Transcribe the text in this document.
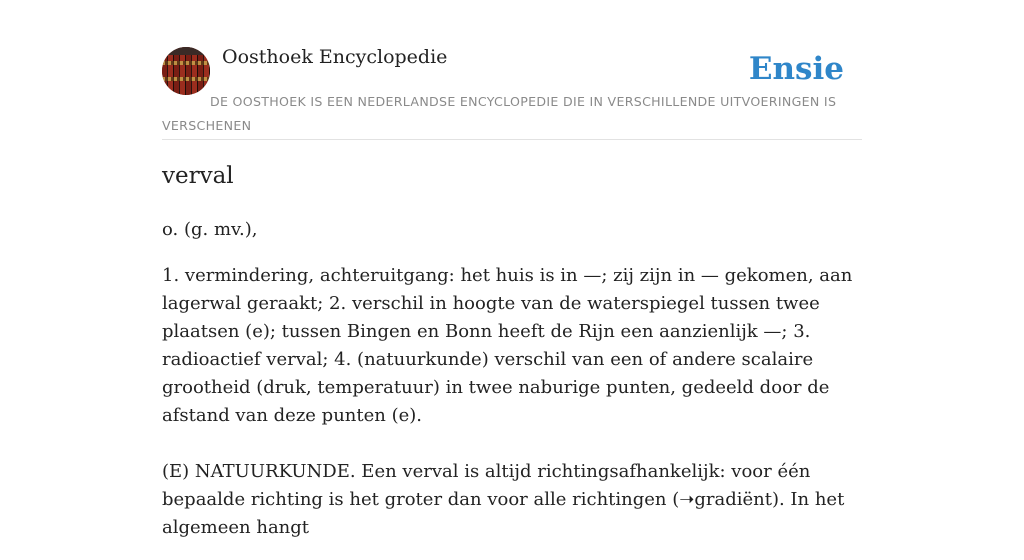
Oosthoek Encyclopedie	Ensie
DE OOSTHOEK IS EEN NEDERLANDSE ENCYCLOPEDIE DIE IN VERSCHILLENDE UITVOERINGEN IS VERSCHENEN
verval

o. (g. mv.),

1. vermindering, achteruitgang: het huis is in —; zij zijn in — gekomen, aan lagerwal geraakt; 2. verschil in hoogte van de waterspiegel tussen twee plaatsen (e); tussen Bingen en Bonn heeft de Rijn een aanzienlijk —; 3. radioactief verval; 4. (natuurkunde) verschil van een of andere scalaire grootheid (druk, temperatuur) in twee naburige punten, gedeeld door de afstand van deze punten (e).

(E) NATUURKUNDE. Een verval is altijd richtingsafhankelijk: voor één bepaalde richting is het groter dan voor alle richtingen (➝gradiënt). In het algemeen hangt
